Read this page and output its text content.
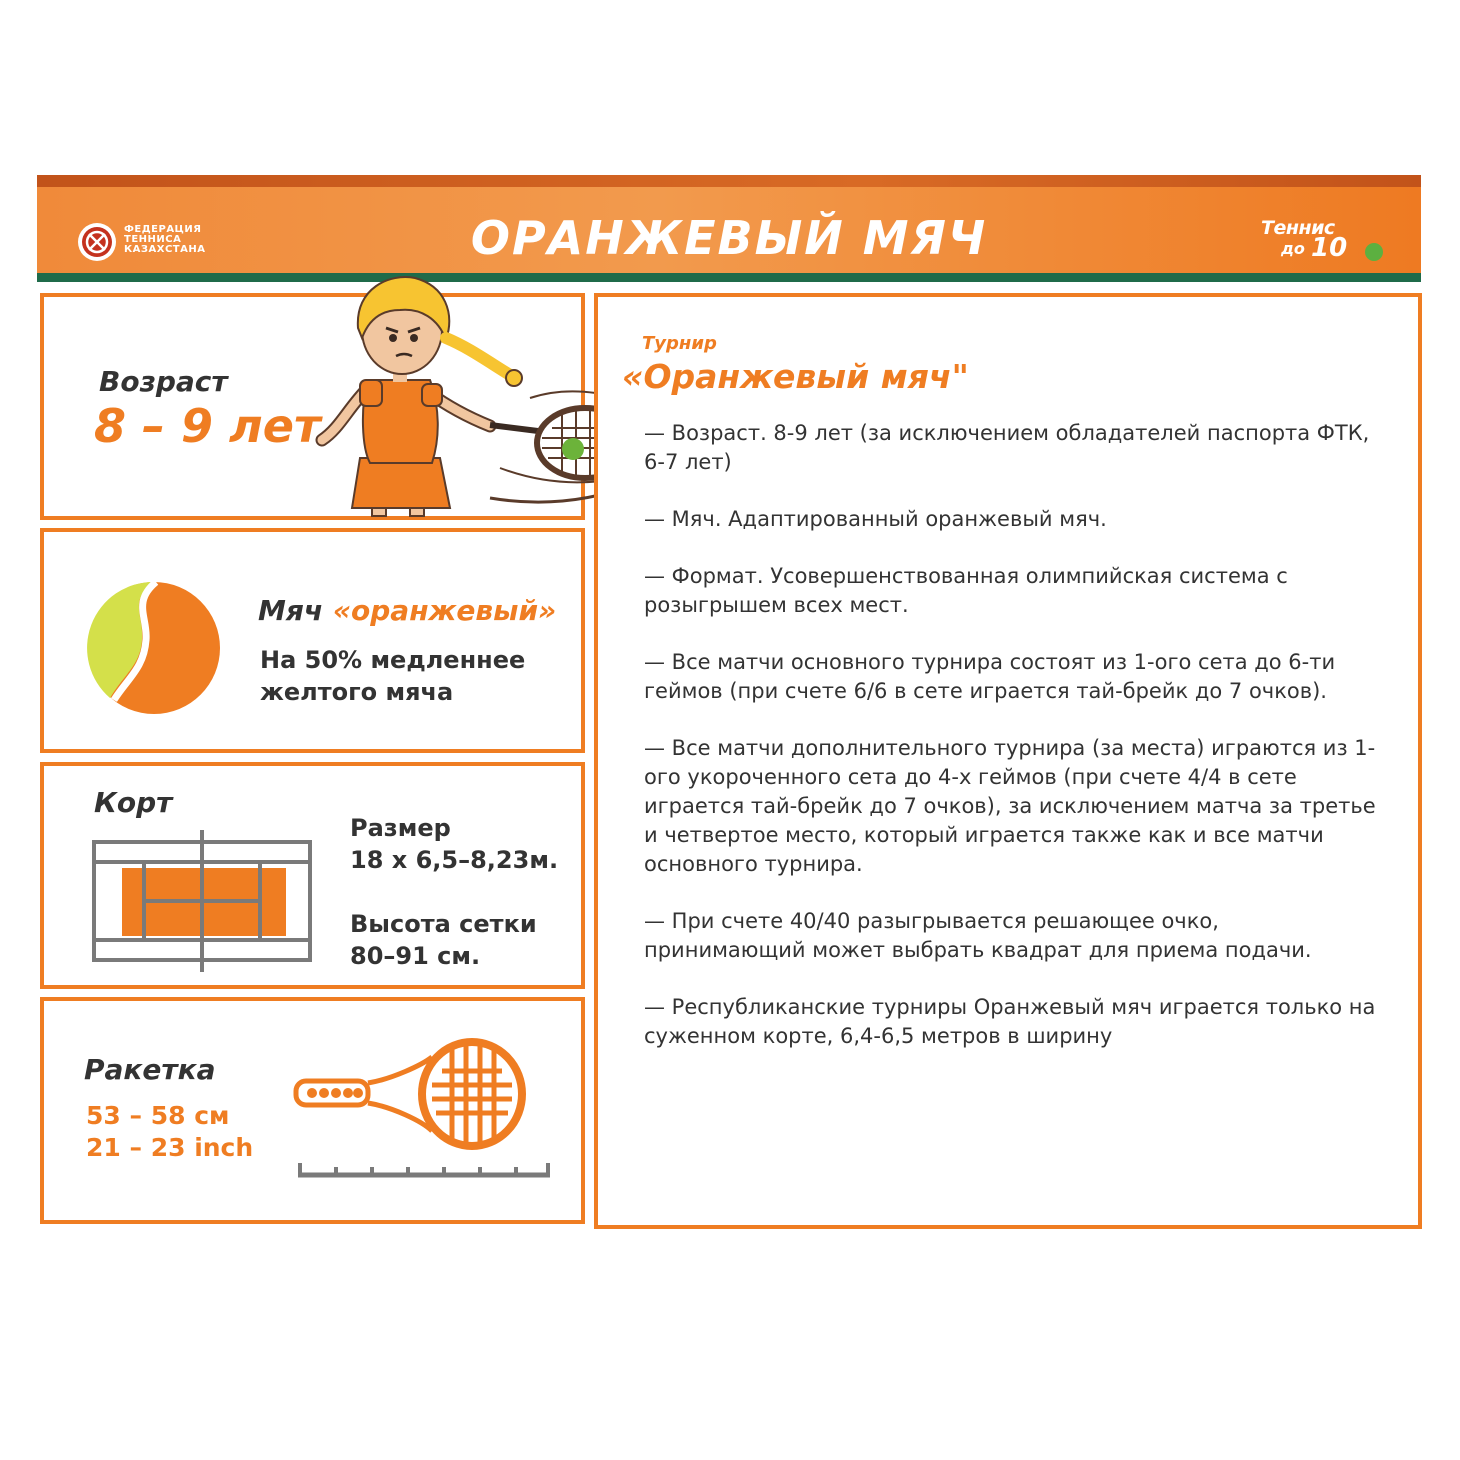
ФЕДЕРАЦИЯ
ТЕННИСА
КАЗАХСТАНА	ОРАНЖЕВЫЙ МЯЧ	Теннис
до 10
Возраст
8 – 9 лет
Мяч «оранжевый»
На 50% медленнее
желтого мяча
Корт
Размер
18 х 6,5–8,23м.
Высота сетки
80–91 см.
Ракетка
53 – 58 см
21 – 23 inch
Турнир
«Оранжевый мяч"
— Возраст. 8-9 лет (за исключением обладателей паспорта ФТК, 6-7 лет)
— Мяч. Адаптированный оранжевый мяч.
— Формат. Усовершенствованная олимпийская система с розыгрышем всех мест.
— Все матчи основного турнира состоят из 1-ого сета до 6-ти геймов (при счете 6/6 в сете играется тай-брейк до 7 очков).
— Все матчи дополнительного турнира (за места) играются из 1-ого укороченного сета до 4-х геймов (при счете 4/4 в сете играется тай-брейк до 7 очков), за исключением матча за третье и четвертое место, который играется также как и все матчи основного турнира.
— При счете 40/40 разыгрывается решающее очко, принимающий может выбрать квадрат для приема подачи.
— Республиканские турниры Оранжевый мяч играется только на суженном корте, 6,4-6,5 метров в ширину
